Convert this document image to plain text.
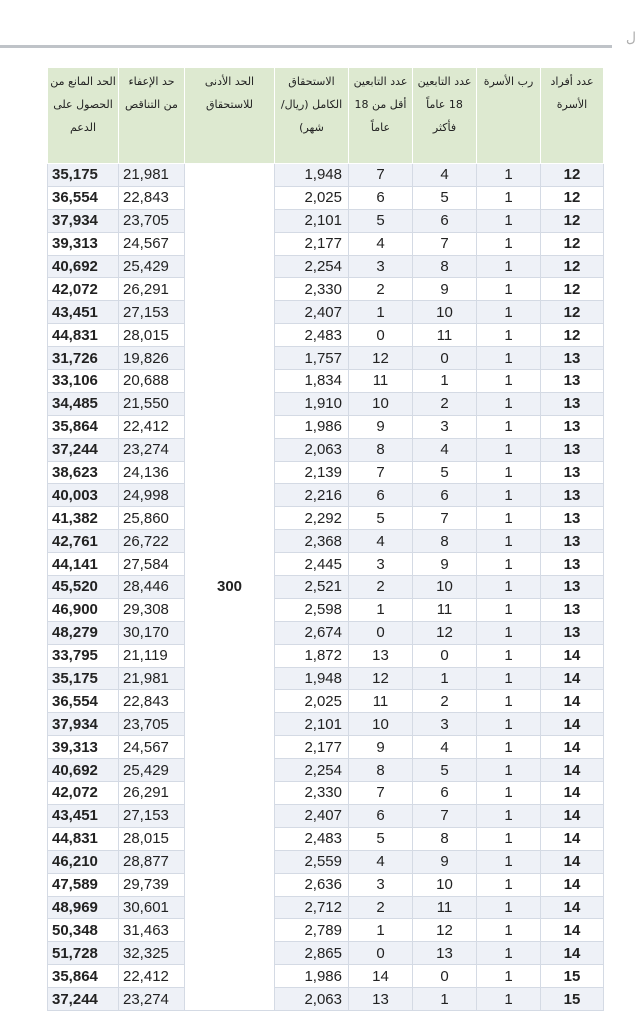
ل
عدد أفراد الأسرة	رب الأسرة	عدد التابعين 18 عاماً فأكثر	عدد التابعين أقل من 18 عاماً	الاستحقاق الكامل (ريال/شهر)	الحد الأدنى للاستحقاق	حد الإعفاء من التناقص	الحد المانع من الحصول على الدعم
12	1	4	7	1,948	300	21,981	35,175
12	1	5	6	2,025		22,843	36,554
12	1	6	5	2,101		23,705	37,934
12	1	7	4	2,177		24,567	39,313
12	1	8	3	2,254		25,429	40,692
12	1	9	2	2,330		26,291	42,072
12	1	10	1	2,407		27,153	43,451
12	1	11	0	2,483		28,015	44,831
13	1	0	12	1,757		19,826	31,726
13	1	1	11	1,834		20,688	33,106
13	1	2	10	1,910		21,550	34,485
13	1	3	9	1,986		22,412	35,864
13	1	4	8	2,063		23,274	37,244
13	1	5	7	2,139		24,136	38,623
13	1	6	6	2,216		24,998	40,003
13	1	7	5	2,292		25,860	41,382
13	1	8	4	2,368		26,722	42,761
13	1	9	3	2,445		27,584	44,141
13	1	10	2	2,521		28,446	45,520
13	1	11	1	2,598		29,308	46,900
13	1	12	0	2,674		30,170	48,279
14	1	0	13	1,872		21,119	33,795
14	1	1	12	1,948		21,981	35,175
14	1	2	11	2,025		22,843	36,554
14	1	3	10	2,101		23,705	37,934
14	1	4	9	2,177		24,567	39,313
14	1	5	8	2,254		25,429	40,692
14	1	6	7	2,330		26,291	42,072
14	1	7	6	2,407		27,153	43,451
14	1	8	5	2,483		28,015	44,831
14	1	9	4	2,559		28,877	46,210
14	1	10	3	2,636		29,739	47,589
14	1	11	2	2,712		30,601	48,969
14	1	12	1	2,789		31,463	50,348
14	1	13	0	2,865		32,325	51,728
15	1	0	14	1,986		22,412	35,864
15	1	1	13	2,063		23,274	37,244
